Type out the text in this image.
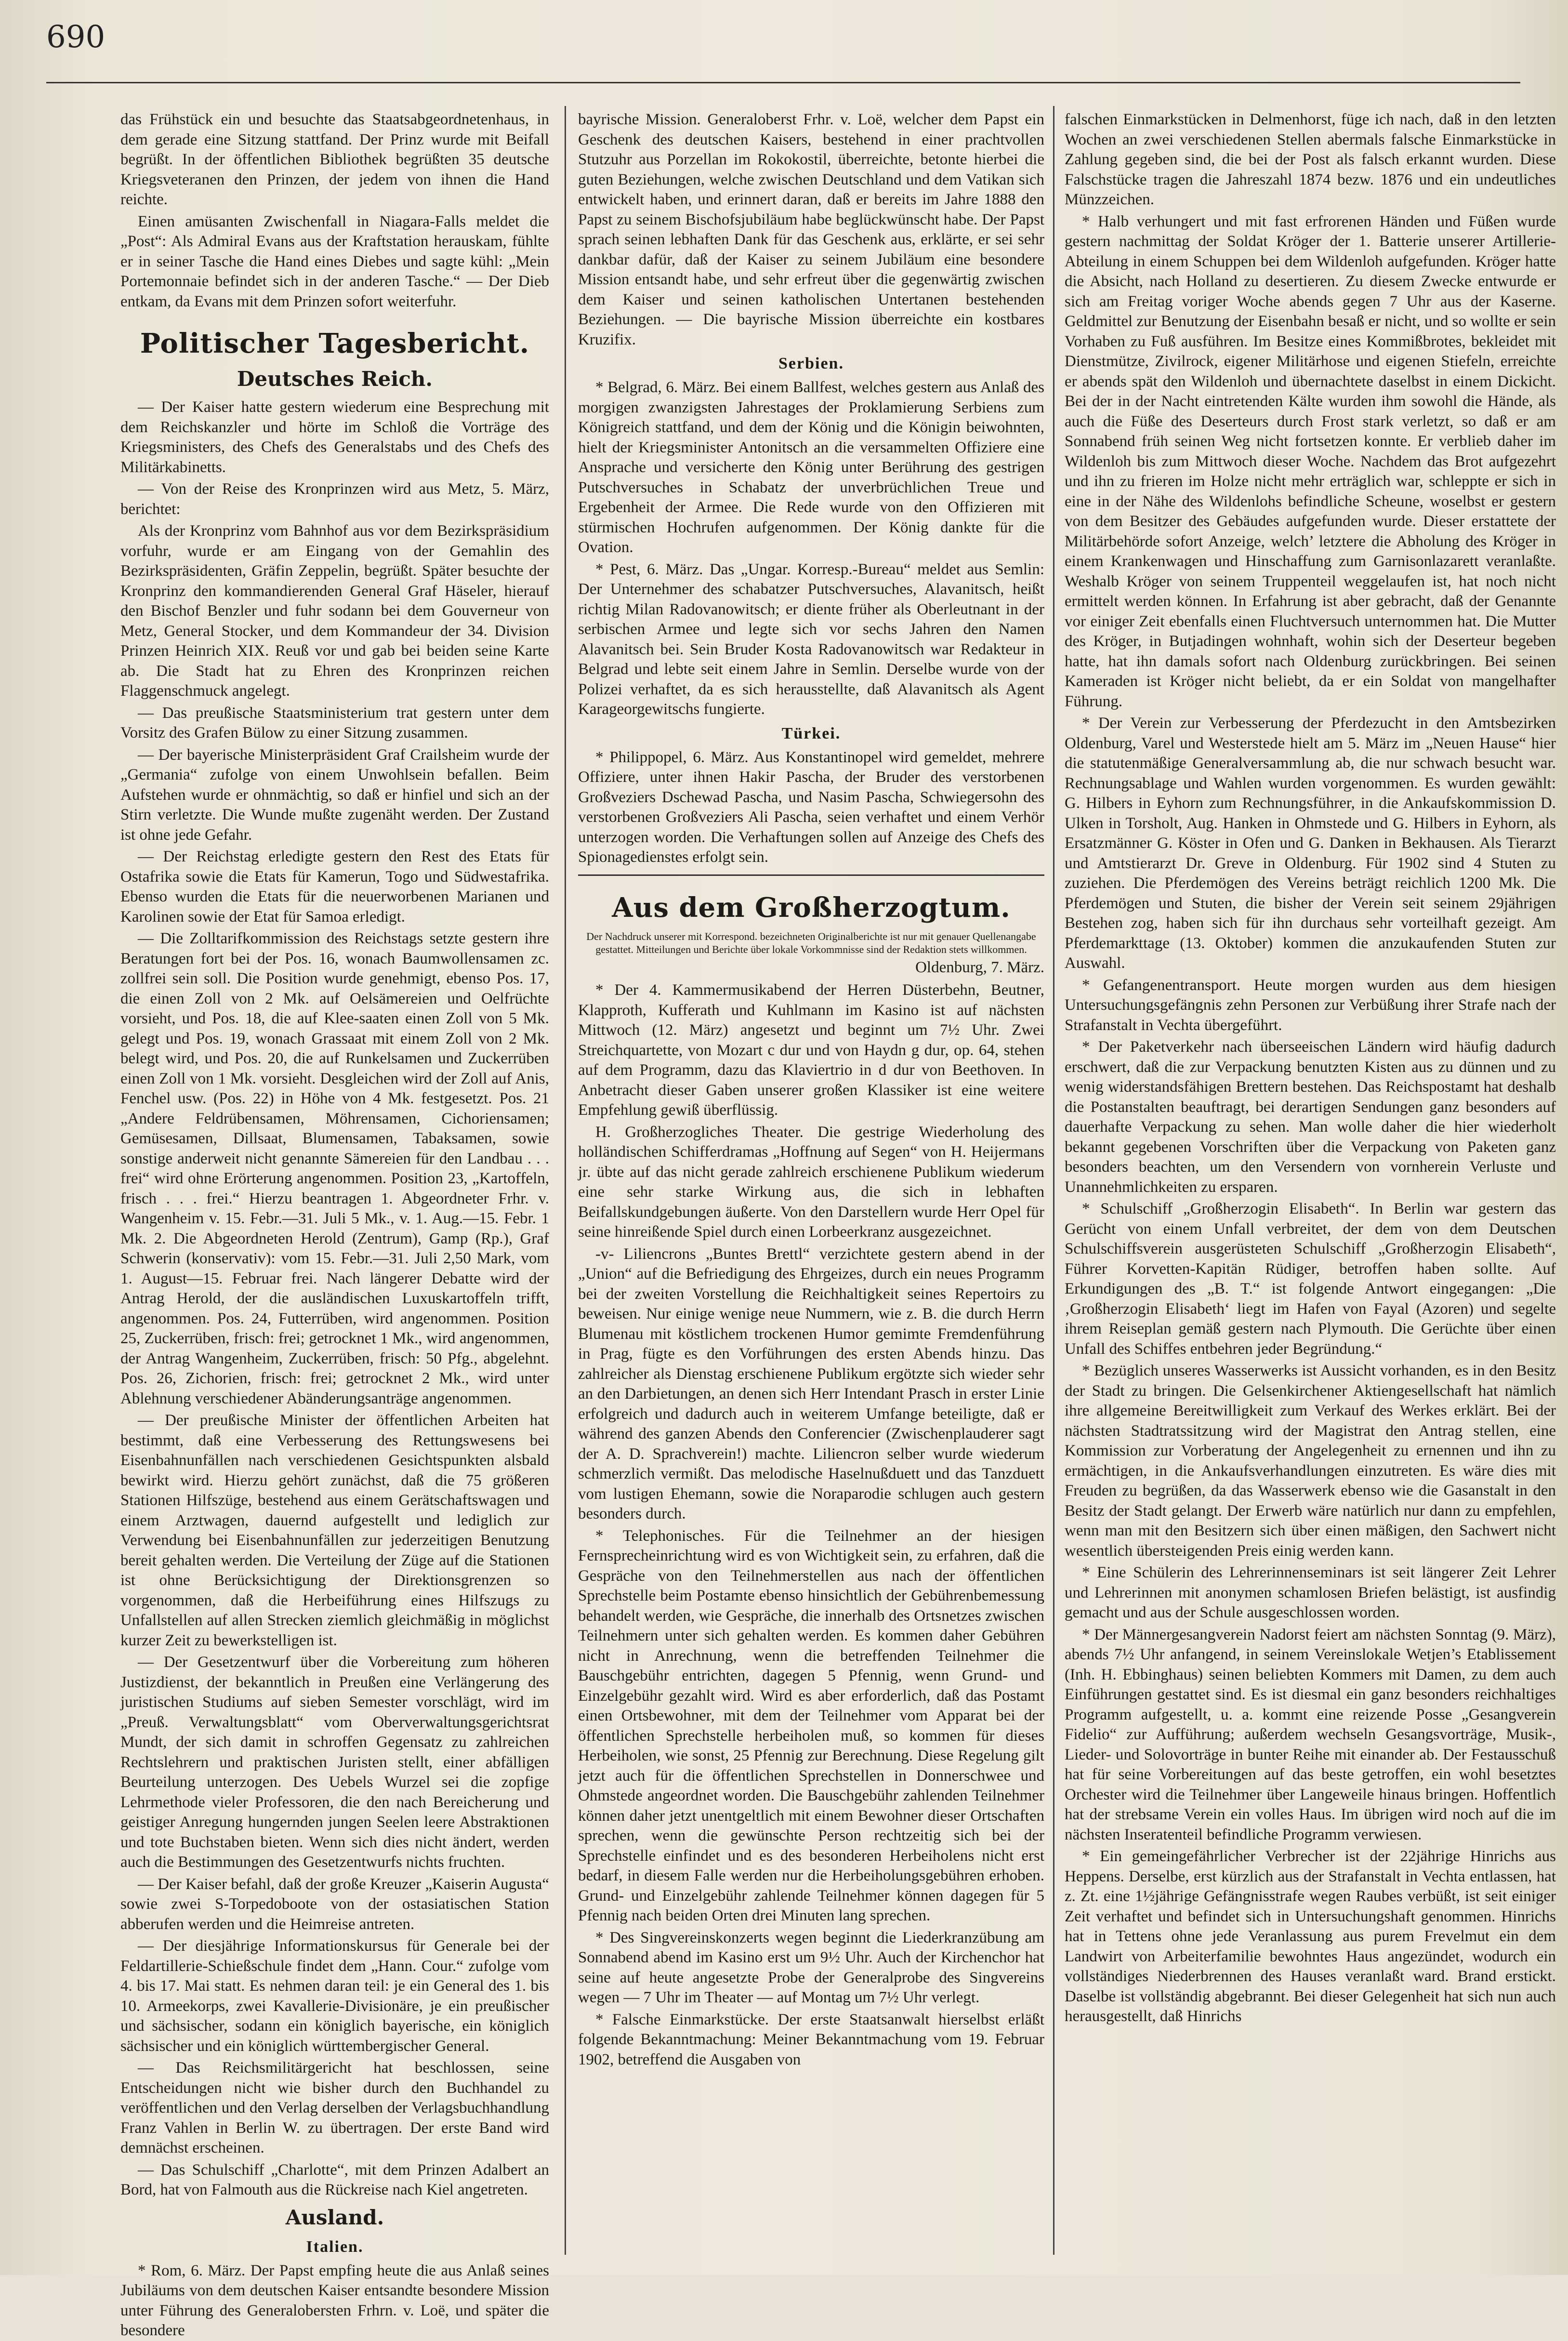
690

das Frühstück ein und besuchte das Staatsabgeordnetenhaus, in dem gerade eine Sitzung stattfand. Der Prinz wurde mit Beifall begrüßt. In der öffentlichen Bibliothek begrüßten 35 deutsche Kriegsveteranen den Prinzen, der jedem von ihnen die Hand reichte.

Einen amüsanten Zwischenfall in Niagara-Falls meldet die „Post“: Als Admiral Evans aus der Kraftstation herauskam, fühlte er in seiner Tasche die Hand eines Diebes und sagte kühl: „Mein Portemonnaie befindet sich in der anderen Tasche.“ — Der Dieb entkam, da Evans mit dem Prinzen sofort weiterfuhr.

Politischer Tagesbericht.
Deutsches Reich.

— Der Kaiser hatte gestern wiederum eine Besprechung mit dem Reichskanzler und hörte im Schloß die Vorträge des Kriegsministers, des Chefs des Generalstabs und des Chefs des Militärkabinetts.

— Von der Reise des Kronprinzen wird aus Metz, 5. März, berichtet:

Als der Kronprinz vom Bahnhof aus vor dem Bezirkspräsidium vorfuhr, wurde er am Eingang von der Gemahlin des Bezirkspräsidenten, Gräfin Zeppelin, begrüßt. Später besuchte der Kronprinz den kommandierenden General Graf Häseler, hierauf den Bischof Benzler und fuhr sodann bei dem Gouverneur von Metz, General Stocker, und dem Kommandeur der 34. Division Prinzen Heinrich XIX. Reuß vor und gab bei beiden seine Karte ab. Die Stadt hat zu Ehren des Kronprinzen reichen Flaggenschmuck angelegt.

— Das preußische Staatsministerium trat gestern unter dem Vorsitz des Grafen Bülow zu einer Sitzung zusammen.

— Der bayerische Ministerpräsident Graf Crailsheim wurde der „Germania“ zufolge von einem Unwohlsein befallen. Beim Aufstehen wurde er ohnmächtig, so daß er hinfiel und sich an der Stirn verletzte. Die Wunde mußte zugenäht werden. Der Zustand ist ohne jede Gefahr.

— Der Reichstag erledigte gestern den Rest des Etats für Ostafrika sowie die Etats für Kamerun, Togo und Südwestafrika. Ebenso wurden die Etats für die neuerworbenen Marianen und Karolinen sowie der Etat für Samoa erledigt.

— Die Zolltarifkommission des Reichstags setzte gestern ihre Beratungen fort bei der Pos. 16, wonach Baumwollensamen zc. zollfrei sein soll. Die Position wurde genehmigt, ebenso Pos. 17, die einen Zoll von 2 Mk. auf Oelsämereien und Oelfrüchte vorsieht, und Pos. 18, die auf Klee-saaten einen Zoll von 5 Mk. gelegt und Pos. 19, wonach Grassaat mit einem Zoll von 2 Mk. belegt wird, und Pos. 20, die auf Runkelsamen und Zuckerrüben einen Zoll von 1 Mk. vorsieht. Desgleichen wird der Zoll auf Anis, Fenchel usw. (Pos. 22) in Höhe von 4 Mk. festgesetzt. Pos. 21 „Andere Feldrübensamen, Möhrensamen, Cichoriensamen; Gemüsesamen, Dillsaat, Blumensamen, Tabaksamen, sowie sonstige anderweit nicht genannte Sämereien für den Landbau . . . frei“ wird ohne Erörterung angenommen. Position 23, „Kartoffeln, frisch . . . frei.“ Hierzu beantragen 1. Abgeordneter Frhr. v. Wangenheim v. 15. Febr.—31. Juli 5 Mk., v. 1. Aug.—15. Febr. 1 Mk. 2. Die Abgeordneten Herold (Zentrum), Gamp (Rp.), Graf Schwerin (konservativ): vom 15. Febr.—31. Juli 2,50 Mark, vom 1. August—15. Februar frei. Nach längerer Debatte wird der Antrag Herold, der die ausländischen Luxuskartoffeln trifft, angenommen. Pos. 24, Futterrüben, wird angenommen. Position 25, Zuckerrüben, frisch: frei; getrocknet 1 Mk., wird angenommen, der Antrag Wangenheim, Zuckerrüben, frisch: 50 Pfg., abgelehnt. Pos. 26, Zichorien, frisch: frei; getrocknet 2 Mk., wird unter Ablehnung verschiedener Abänderungsanträge angenommen.

— Der preußische Minister der öffentlichen Arbeiten hat bestimmt, daß eine Verbesserung des Rettungswesens bei Eisenbahnunfällen nach verschiedenen Gesichtspunkten alsbald bewirkt wird. Hierzu gehört zunächst, daß die 75 größeren Stationen Hilfszüge, bestehend aus einem Gerätschaftswagen und einem Arztwagen, dauernd aufgestellt und lediglich zur Verwendung bei Eisenbahnunfällen zur jederzeitigen Benutzung bereit gehalten werden. Die Verteilung der Züge auf die Stationen ist ohne Berücksichtigung der Direktionsgrenzen so vorgenommen, daß die Herbeiführung eines Hilfszugs zu Unfallstellen auf allen Strecken ziemlich gleichmäßig in möglichst kurzer Zeit zu bewerkstelligen ist.

— Der Gesetzentwurf über die Vorbereitung zum höheren Justizdienst, der bekanntlich in Preußen eine Verlängerung des juristischen Studiums auf sieben Semester vorschlägt, wird im „Preuß. Verwaltungsblatt“ vom Oberverwaltungsgerichtsrat Mundt, der sich damit in schroffen Gegensatz zu zahlreichen Rechtslehrern und praktischen Juristen stellt, einer abfälligen Beurteilung unterzogen. Des Uebels Wurzel sei die zopfige Lehrmethode vieler Professoren, die den nach Bereicherung und geistiger Anregung hungernden jungen Seelen leere Abstraktionen und tote Buchstaben bieten. Wenn sich dies nicht ändert, werden auch die Bestimmungen des Gesetzentwurfs nichts fruchten.

— Der Kaiser befahl, daß der große Kreuzer „Kaiserin Augusta“ sowie zwei S-Torpedoboote von der ostasiatischen Station abberufen werden und die Heimreise antreten.

— Der diesjährige Informationskursus für Generale bei der Feldartillerie-Schießschule findet dem „Hann. Cour.“ zufolge vom 4. bis 17. Mai statt. Es nehmen daran teil: je ein General des 1. bis 10. Armeekorps, zwei Kavallerie-Divisionäre, je ein preußischer und sächsischer, sodann ein königlich bayerische, ein königlich sächsischer und ein königlich württembergischer General.

— Das Reichsmilitärgericht hat beschlossen, seine Entscheidungen nicht wie bisher durch den Buchhandel zu veröffentlichen und den Verlag derselben der Verlagsbuchhandlung Franz Vahlen in Berlin W. zu übertragen. Der erste Band wird demnächst erscheinen.

— Das Schulschiff „Charlotte“, mit dem Prinzen Adalbert an Bord, hat von Falmouth aus die Rückreise nach Kiel angetreten.

Ausland.
Italien.

* Rom, 6. März. Der Papst empfing heute die aus Anlaß seines Jubiläums von dem deutschen Kaiser entsandte besondere Mission unter Führung des Generalobersten Frhrn. v. Loë, und später die besondere

bayrische Mission. Generaloberst Frhr. v. Loë, welcher dem Papst ein Geschenk des deutschen Kaisers, bestehend in einer prachtvollen Stutzuhr aus Porzellan im Rokokostil, überreichte, betonte hierbei die guten Beziehungen, welche zwischen Deutschland und dem Vatikan sich entwickelt haben, und erinnert daran, daß er bereits im Jahre 1888 den Papst zu seinem Bischofsjubiläum habe beglückwünscht habe. Der Papst sprach seinen lebhaften Dank für das Geschenk aus, erklärte, er sei sehr dankbar dafür, daß der Kaiser zu seinem Jubiläum eine besondere Mission entsandt habe, und sehr erfreut über die gegenwärtig zwischen dem Kaiser und seinen katholischen Untertanen bestehenden Beziehungen. — Die bayrische Mission überreichte ein kostbares Kruzifix.

Serbien.

* Belgrad, 6. März. Bei einem Ballfest, welches gestern aus Anlaß des morgigen zwanzigsten Jahrestages der Proklamierung Serbiens zum Königreich stattfand, und dem der König und die Königin beiwohnten, hielt der Kriegsminister Antonitsch an die versammelten Offiziere eine Ansprache und versicherte den König unter Berührung des gestrigen Putschversuches in Schabatz der unverbrüchlichen Treue und Ergebenheit der Armee. Die Rede wurde von den Offizieren mit stürmischen Hochrufen aufgenommen. Der König dankte für die Ovation.

* Pest, 6. März. Das „Ungar. Korresp.-Bureau“ meldet aus Semlin: Der Unternehmer des schabatzer Putschversuches, Alavanitsch, heißt richtig Milan Radovanowitsch; er diente früher als Oberleutnant in der serbischen Armee und legte sich vor sechs Jahren den Namen Alavanitsch bei. Sein Bruder Kosta Radovanowitsch war Redakteur in Belgrad und lebte seit einem Jahre in Semlin. Derselbe wurde von der Polizei verhaftet, da es sich herausstellte, daß Alavanitsch als Agent Karageorgewitschs fungierte.

Türkei.

* Philippopel, 6. März. Aus Konstantinopel wird gemeldet, mehrere Offiziere, unter ihnen Hakir Pascha, der Bruder des verstorbenen Großveziers Dschewad Pascha, und Nasim Pascha, Schwiegersohn des verstorbenen Großveziers Ali Pascha, seien verhaftet und einem Verhör unterzogen worden. Die Verhaftungen sollen auf Anzeige des Chefs des Spionagedienstes erfolgt sein.

Aus dem Großherzogtum.

Der Nachdruck unserer mit Korrespond. bezeichneten Originalberichte ist nur mit genauer Quellenangabe gestattet. Mitteilungen und Berichte über lokale Vorkommnisse sind der Redaktion stets willkommen.

Oldenburg, 7. März.

* Der 4. Kammermusikabend der Herren Düsterbehn, Beutner, Klapproth, Kufferath und Kuhlmann im Kasino ist auf nächsten Mittwoch (12. März) angesetzt und beginnt um 7½ Uhr. Zwei Streichquartette, von Mozart c dur und von Haydn g dur, op. 64, stehen auf dem Programm, dazu das Klaviertrio in d dur von Beethoven. In Anbetracht dieser Gaben unserer großen Klassiker ist eine weitere Empfehlung gewiß überflüssig.

H. Großherzogliches Theater. Die gestrige Wiederholung des holländischen Schifferdramas „Hoffnung auf Segen“ von H. Heijermans jr. übte auf das nicht gerade zahlreich erschienene Publikum wiederum eine sehr starke Wirkung aus, die sich in lebhaften Beifallskundgebungen äußerte. Von den Darstellern wurde Herr Opel für seine hinreißende Spiel durch einen Lorbeerkranz ausgezeichnet.

-v- Liliencrons „Buntes Brettl“ verzichtete gestern abend in der „Union“ auf die Befriedigung des Ehrgeizes, durch ein neues Programm bei der zweiten Vorstellung die Reichhaltigkeit seines Repertoirs zu beweisen. Nur einige wenige neue Nummern, wie z. B. die durch Herrn Blumenau mit köstlichem trockenen Humor gemimte Fremdenführung in Prag, fügte es den Vorführungen des ersten Abends hinzu. Das zahlreicher als Dienstag erschienene Publikum ergötzte sich wieder sehr an den Darbietungen, an denen sich Herr Intendant Prasch in erster Linie erfolgreich und dadurch auch in weiterem Umfange beteiligte, daß er während des ganzen Abends den Conferencier (Zwischenplauderer sagt der A. D. Sprachverein!) machte. Liliencron selber wurde wiederum schmerzlich vermißt. Das melodische Haselnußduett und das Tanzduett vom lustigen Ehemann, sowie die Noraparodie schlugen auch gestern besonders durch.

* Telephonisches. Für die Teilnehmer an der hiesigen Fernsprecheinrichtung wird es von Wichtigkeit sein, zu erfahren, daß die Gespräche von den Teilnehmerstellen aus nach der öffentlichen Sprechstelle beim Postamte ebenso hinsichtlich der Gebührenbemessung behandelt werden, wie Gespräche, die innerhalb des Ortsnetzes zwischen Teilnehmern unter sich gehalten werden. Es kommen daher Gebühren nicht in Anrechnung, wenn die betreffenden Teilnehmer die Bauschgebühr entrichten, dagegen 5 Pfennig, wenn Grund- und Einzelgebühr gezahlt wird. Wird es aber erforderlich, daß das Postamt einen Ortsbewohner, mit dem der Teilnehmer vom Apparat bei der öffentlichen Sprechstelle herbeiholen muß, so kommen für dieses Herbeiholen, wie sonst, 25 Pfennig zur Berechnung. Diese Regelung gilt jetzt auch für die öffentlichen Sprechstellen in Donnerschwee und Ohmstede angeordnet worden. Die Bauschgebühr zahlenden Teilnehmer können daher jetzt unentgeltlich mit einem Bewohner dieser Ortschaften sprechen, wenn die gewünschte Person rechtzeitig sich bei der Sprechstelle einfindet und es des besonderen Herbeiholens nicht erst bedarf, in diesem Falle werden nur die Herbeiholungsgebühren erhoben. Grund- und Einzelgebühr zahlende Teilnehmer können dagegen für 5 Pfennig nach beiden Orten drei Minuten lang sprechen.

* Des Singvereinskonzerts wegen beginnt die Liederkranzübung am Sonnabend abend im Kasino erst um 9½ Uhr. Auch der Kirchenchor hat seine auf heute angesetzte Probe der Generalprobe des Singvereins wegen — 7 Uhr im Theater — auf Montag um 7½ Uhr verlegt.

* Falsche Einmarkstücke. Der erste Staatsanwalt hierselbst erläßt folgende Bekanntmachung: Meiner Bekanntmachung vom 19. Februar 1902, betreffend die Ausgaben von

falschen Einmarkstücken in Delmenhorst, füge ich nach, daß in den letzten Wochen an zwei verschiedenen Stellen abermals falsche Einmarkstücke in Zahlung gegeben sind, die bei der Post als falsch erkannt wurden. Diese Falschstücke tragen die Jahreszahl 1874 bezw. 1876 und ein undeutliches Münzzeichen.

* Halb verhungert und mit fast erfrorenen Händen und Füßen wurde gestern nachmittag der Soldat Kröger der 1. Batterie unserer Artillerie-Abteilung in einem Schuppen bei dem Wildenloh aufgefunden. Kröger hatte die Absicht, nach Holland zu desertieren. Zu diesem Zwecke entwurde er sich am Freitag voriger Woche abends gegen 7 Uhr aus der Kaserne. Geldmittel zur Benutzung der Eisenbahn besaß er nicht, und so wollte er sein Vorhaben zu Fuß ausführen. Im Besitze eines Kommißbrotes, bekleidet mit Dienstmütze, Zivilrock, eigener Militärhose und eigenen Stiefeln, erreichte er abends spät den Wildenloh und übernachtete daselbst in einem Dickicht. Bei der in der Nacht eintretenden Kälte wurden ihm sowohl die Hände, als auch die Füße des Deserteurs durch Frost stark verletzt, so daß er am Sonnabend früh seinen Weg nicht fortsetzen konnte. Er verblieb daher im Wildenloh bis zum Mittwoch dieser Woche. Nachdem das Brot aufgezehrt und ihn zu frieren im Holze nicht mehr erträglich war, schleppte er sich in eine in der Nähe des Wildenlohs befindliche Scheune, woselbst er gestern von dem Besitzer des Gebäudes aufgefunden wurde. Dieser erstattete der Militärbehörde sofort Anzeige, welch’ letztere die Abholung des Kröger in einem Krankenwagen und Hinschaffung zum Garnisonlazarett veranlaßte. Weshalb Kröger von seinem Truppenteil weggelaufen ist, hat noch nicht ermittelt werden können. In Erfahrung ist aber gebracht, daß der Genannte vor einiger Zeit ebenfalls einen Fluchtversuch unternommen hat. Die Mutter des Kröger, in Butjadingen wohnhaft, wohin sich der Deserteur begeben hatte, hat ihn damals sofort nach Oldenburg zurückbringen. Bei seinen Kameraden ist Kröger nicht beliebt, da er ein Soldat von mangelhafter Führung.

* Der Verein zur Verbesserung der Pferdezucht in den Amtsbezirken Oldenburg, Varel und Westerstede hielt am 5. März im „Neuen Hause“ hier die statutenmäßige Generalversammlung ab, die nur schwach besucht war. Rechnungsablage und Wahlen wurden vorgenommen. Es wurden gewählt: G. Hilbers in Eyhorn zum Rechnungsführer, in die Ankaufskommission D. Ulken in Torsholt, Aug. Hanken in Ohmstede und G. Hilbers in Eyhorn, als Ersatzmänner G. Köster in Ofen und G. Danken in Bekhausen. Als Tierarzt und Amtstierarzt Dr. Greve in Oldenburg. Für 1902 sind 4 Stuten zu zuziehen. Die Pferdemögen des Vereins beträgt reichlich 1200 Mk. Die Pferdemögen und Stuten, die bisher der Verein seit seinem 29jährigen Bestehen zog, haben sich für ihn durchaus sehr vorteilhaft gezeigt. Am Pferdemarkttage (13. Oktober) kommen die anzukaufenden Stuten zur Auswahl.

* Gefangenentransport. Heute morgen wurden aus dem hiesigen Untersuchungsgefängnis zehn Personen zur Verbüßung ihrer Strafe nach der Strafanstalt in Vechta übergeführt.

* Der Paketverkehr nach überseeischen Ländern wird häufig dadurch erschwert, daß die zur Verpackung benutzten Kisten aus zu dünnen und zu wenig widerstandsfähigen Brettern bestehen. Das Reichspostamt hat deshalb die Postanstalten beauftragt, bei derartigen Sendungen ganz besonders auf dauerhafte Verpackung zu sehen. Man wolle daher die hier wiederholt bekannt gegebenen Vorschriften über die Verpackung von Paketen ganz besonders beachten, um den Versendern von vornherein Verluste und Unannehmlichkeiten zu ersparen.

* Schulschiff „Großherzogin Elisabeth“. In Berlin war gestern das Gerücht von einem Unfall verbreitet, der dem von dem Deutschen Schulschiffsverein ausgerüsteten Schulschiff „Großherzogin Elisabeth“, Führer Korvetten-Kapitän Rüdiger, betroffen haben sollte. Auf Erkundigungen des „B. T.“ ist folgende Antwort eingegangen: „Die ‚Großherzogin Elisabeth‘ liegt im Hafen von Fayal (Azoren) und segelte ihrem Reiseplan gemäß gestern nach Plymouth. Die Gerüchte über einen Unfall des Schiffes entbehren jeder Begründung.“

* Bezüglich unseres Wasserwerks ist Aussicht vorhanden, es in den Besitz der Stadt zu bringen. Die Gelsenkirchener Aktiengesellschaft hat nämlich ihre allgemeine Bereitwilligkeit zum Verkauf des Werkes erklärt. Bei der nächsten Stadtratssitzung wird der Magistrat den Antrag stellen, eine Kommission zur Vorberatung der Angelegenheit zu ernennen und ihn zu ermächtigen, in die Ankaufsverhandlungen einzutreten. Es wäre dies mit Freuden zu begrüßen, da das Wasserwerk ebenso wie die Gasanstalt in den Besitz der Stadt gelangt. Der Erwerb wäre natürlich nur dann zu empfehlen, wenn man mit den Besitzern sich über einen mäßigen, den Sachwert nicht wesentlich übersteigenden Preis einig werden kann.

* Eine Schülerin des Lehrerinnenseminars ist seit längerer Zeit Lehrer und Lehrerinnen mit anonymen schamlosen Briefen belästigt, ist ausfindig gemacht und aus der Schule ausgeschlossen worden.

* Der Männergesangverein Nadorst feiert am nächsten Sonntag (9. März), abends 7½ Uhr anfangend, in seinem Vereinslokale Wetjen’s Etablissement (Inh. H. Ebbinghaus) seinen beliebten Kommers mit Damen, zu dem auch Einführungen gestattet sind. Es ist diesmal ein ganz besonders reichhaltiges Programm aufgestellt, u. a. kommt eine reizende Posse „Gesangverein Fidelio“ zur Aufführung; außerdem wechseln Gesangsvorträge, Musik-, Lieder- und Solovorträge in bunter Reihe mit einander ab. Der Festausschuß hat für seine Vorbereitungen auf das beste getroffen, ein wohl besetztes Orchester wird die Teilnehmer über Langeweile hinaus bringen. Hoffentlich hat der strebsame Verein ein volles Haus. Im übrigen wird noch auf die im nächsten Inseratenteil befindliche Programm verwiesen.

* Ein gemeingefährlicher Verbrecher ist der 22jährige Hinrichs aus Heppens. Derselbe, erst kürzlich aus der Strafanstalt in Vechta entlassen, hat z. Zt. eine 1½jährige Gefängnisstrafe wegen Raubes verbüßt, ist seit einiger Zeit verhaftet und befindet sich in Untersuchungshaft genommen. Hinrichs hat in Tettens ohne jede Veranlassung aus purem Frevelmut ein dem Landwirt von Arbeiterfamilie bewohntes Haus angezündet, wodurch ein vollständiges Niederbrennen des Hauses veranlaßt ward. Brand erstickt. Daselbe ist vollständig abgebrannt. Bei dieser Gelegenheit hat sich nun auch herausgestellt, daß Hinrichs
